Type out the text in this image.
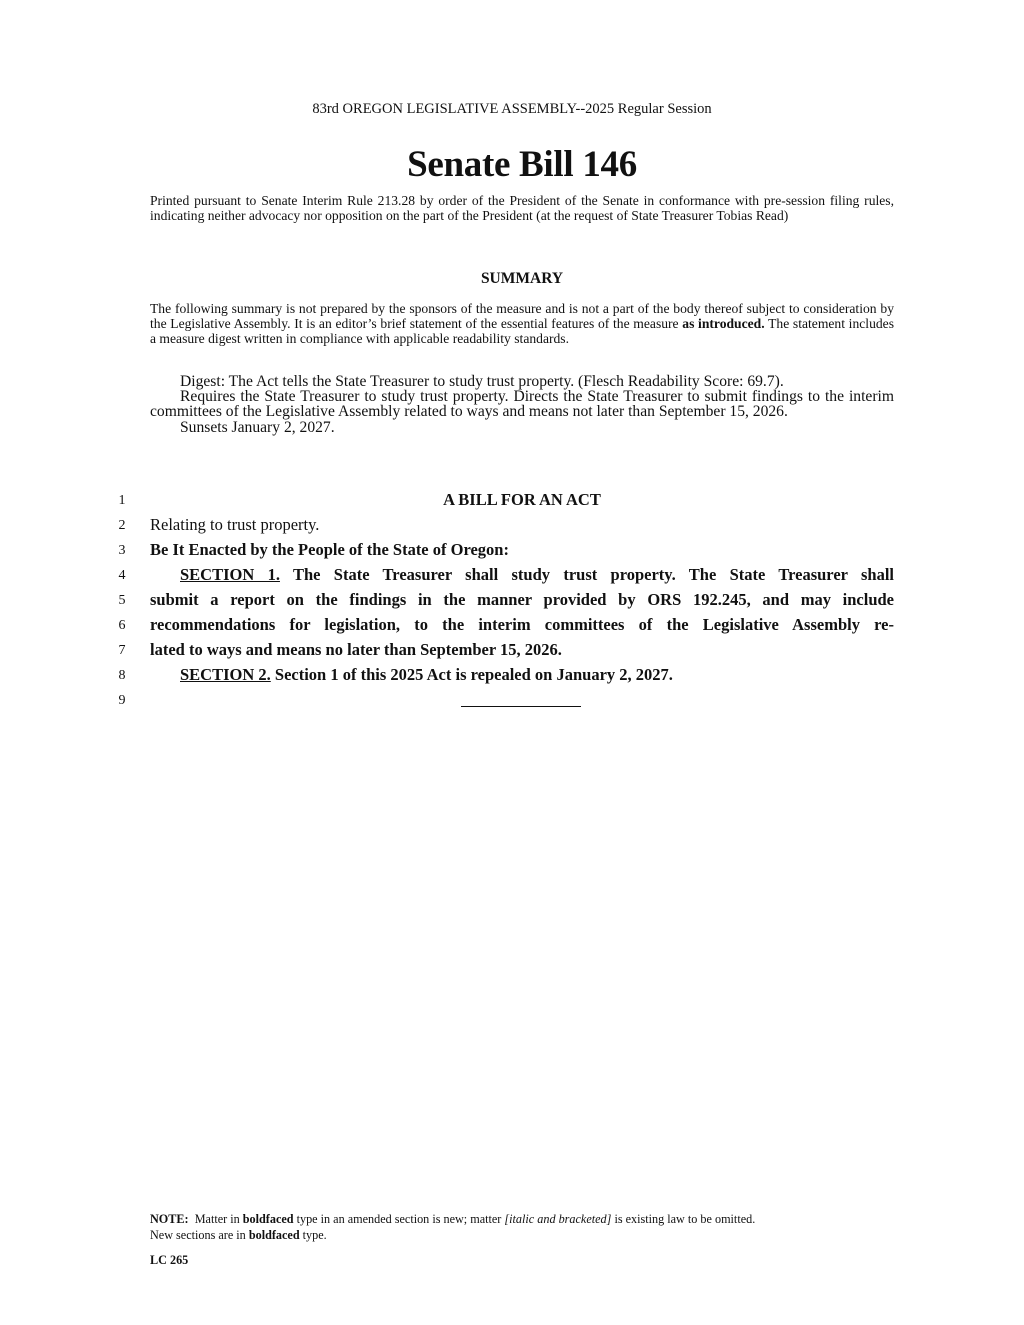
83rd OREGON LEGISLATIVE ASSEMBLY--2025 Regular Session
Senate Bill 146
Printed pursuant to Senate Interim Rule 213.28 by order of the President of the Senate in conformance with pre-session filing rules, indicating neither advocacy nor opposition on the part of the President (at the request of State Treasurer Tobias Read)
SUMMARY
The following summary is not prepared by the sponsors of the measure and is not a part of the body thereof subject to consideration by the Legislative Assembly. It is an editor’s brief statement of the essential features of the measure as introduced. The statement includes a measure digest written in compliance with applicable readability standards.

Digest: The Act tells the State Treasurer to study trust property. (Flesch Readability Score: 69.7).

Requires the State Treasurer to study trust property. Directs the State Treasurer to submit findings to the interim committees of the Legislative Assembly related to ways and means not later than September 15, 2026.

Sunsets January 2, 2027.

1
2
3
4
5
6
7
8
9
A BILL FOR AN ACT
Relating to trust property.
Be It Enacted by the People of the State of Oregon:
SECTION 1. The State Treasurer shall study trust property. The State Treasurer shall
submit a report on the findings in the manner provided by ORS 192.245, and may include
recommendations for legislation, to the interim committees of the Legislative Assembly re-
lated to ways and means no later than September 15, 2026.
SECTION 2. Section 1 of this 2025 Act is repealed on January 2, 2027.
NOTE: Matter in boldfaced type in an amended section is new; matter [italic and bracketed] is existing law to be omitted.
New sections are in boldfaced type.
LC 265
